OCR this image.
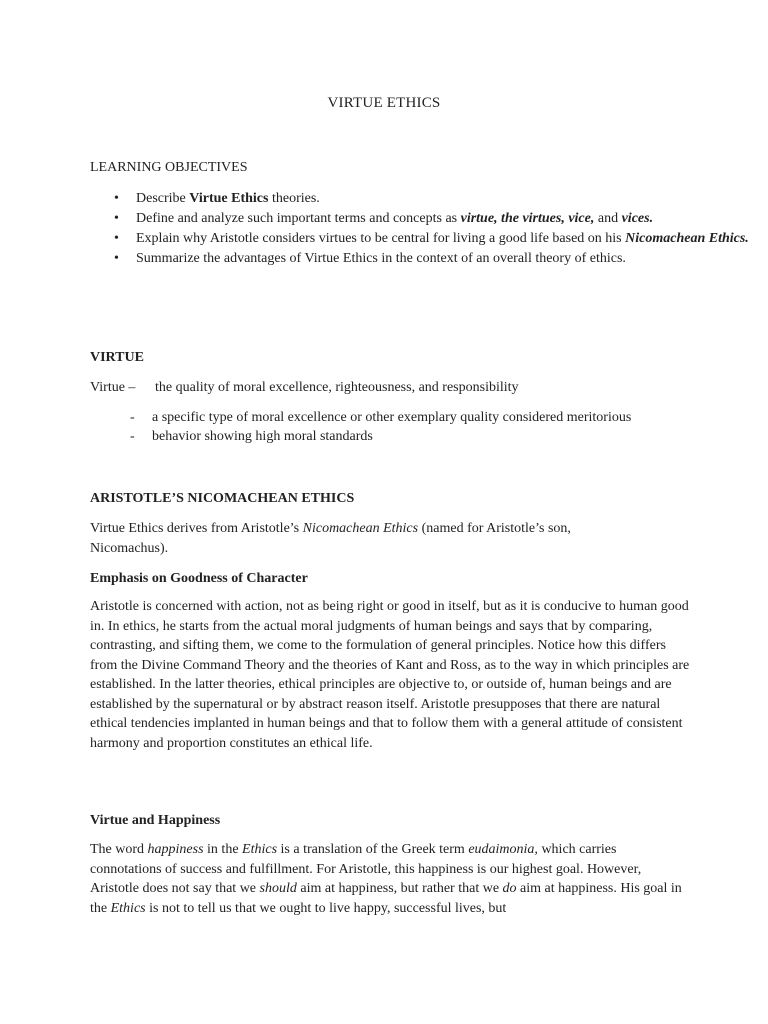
VIRTUE ETHICS
LEARNING OBJECTIVES
• Describe Virtue Ethics theories.
• Define and analyze such important terms and concepts as virtue, the virtues, vice, and vices.
• Explain why Aristotle considers virtues to be central for living a good life based on his Nicomachean Ethics.
• Summarize the advantages of Virtue Ethics in the context of an overall theory of ethics.
VIRTUE
Virtue – the quality of moral excellence, righteousness, and responsibility
- a specific type of moral excellence or other exemplary quality considered meritorious
- behavior showing high moral standards
ARISTOTLE’S NICOMACHEAN ETHICS
Virtue Ethics derives from Aristotle’s Nicomachean Ethics (named for Aristotle’s son, Nicomachus).
Emphasis on Goodness of Character
Aristotle is concerned with action, not as being right or good in itself, but as it is conducive to human good in. In ethics, he starts from the actual moral judgments of human beings and says that by comparing, contrasting, and sifting them, we come to the formulation of general principles. Notice how this differs from the Divine Command Theory and the theories of Kant and Ross, as to the way in which principles are established. In the latter theories, ethical principles are objective to, or outside of, human beings and are established by the supernatural or by abstract reason itself. Aristotle presupposes that there are natural ethical tendencies implanted in human beings and that to follow them with a general attitude of consistent harmony and proportion constitutes an ethical life.
Virtue and Happiness
The word happiness in the Ethics is a translation of the Greek term eudaimonia, which carries connotations of success and fulfillment. For Aristotle, this happiness is our highest goal. However, Aristotle does not say that we should aim at happiness, but rather that we do aim at happiness. His goal in the Ethics is not to tell us that we ought to live happy, successful lives, but
